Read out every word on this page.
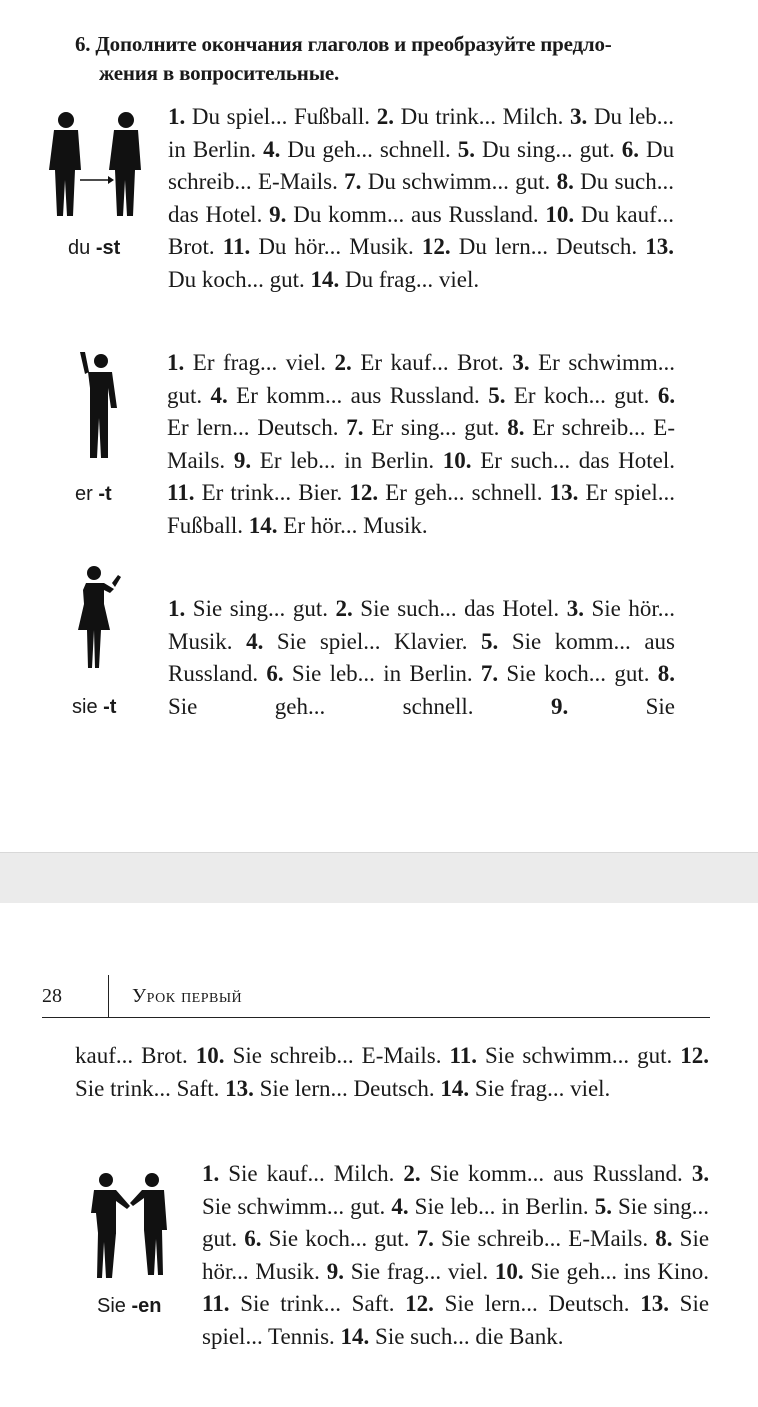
6. Дополните окончания глаголов и преобразуйте предло-
жения в вопросительные.
du -st
1. Du spiel... Fußball. 2. Du trink... Milch. 3. Du leb... in Berlin. 4. Du geh... schnell. 5. Du sing... gut. 6. Du schreib... E-Mails. 7. Du schwimm... gut. 8. Du such... das Hotel. 9. Du komm... aus Russland. 10. Du kauf... Brot. 11. Du hör... Musik. 12. Du lern... Deutsch. 13. Du koch... gut. 14. Du frag... viel.
er -t
1. Er frag... viel. 2. Er kauf... Brot. 3. Er schwimm... gut. 4. Er komm... aus Russland. 5. Er koch... gut. 6. Er lern... Deutsch. 7. Er sing... gut. 8. Er schreib... E-Mails. 9. Er leb... in Berlin. 10. Er such... das Hotel. 11. Er trink... Bier. 12. Er geh... schnell. 13. Er spiel... Fußball. 14. Er hör... Musik.
sie -t
1. Sie sing... gut. 2. Sie such... das Hotel. 3. Sie hör... Musik. 4. Sie spiel... Klavier. 5. Sie komm... aus Russland. 6. Sie leb... in Berlin. 7. Sie koch... gut. 8. Sie geh... schnell.	9.	Sie
28	Урок первый
kauf... Brot. 10. Sie schreib... E-Mails. 11. Sie schwimm... gut. 12. Sie trink... Saft. 13. Sie lern... Deutsch. 14. Sie frag... viel.
Sie -en
1. Sie kauf... Milch. 2. Sie komm... aus Russland. 3. Sie schwimm... gut. 4. Sie leb... in Berlin. 5. Sie sing... gut. 6. Sie koch... gut. 7. Sie schreib... E-Mails. 8. Sie hör... Musik. 9. Sie frag... viel. 10. Sie geh... ins Kino. 11. Sie trink... Saft. 12. Sie lern... Deutsch. 13. Sie spiel... Tennis. 14. Sie such... die Bank.
